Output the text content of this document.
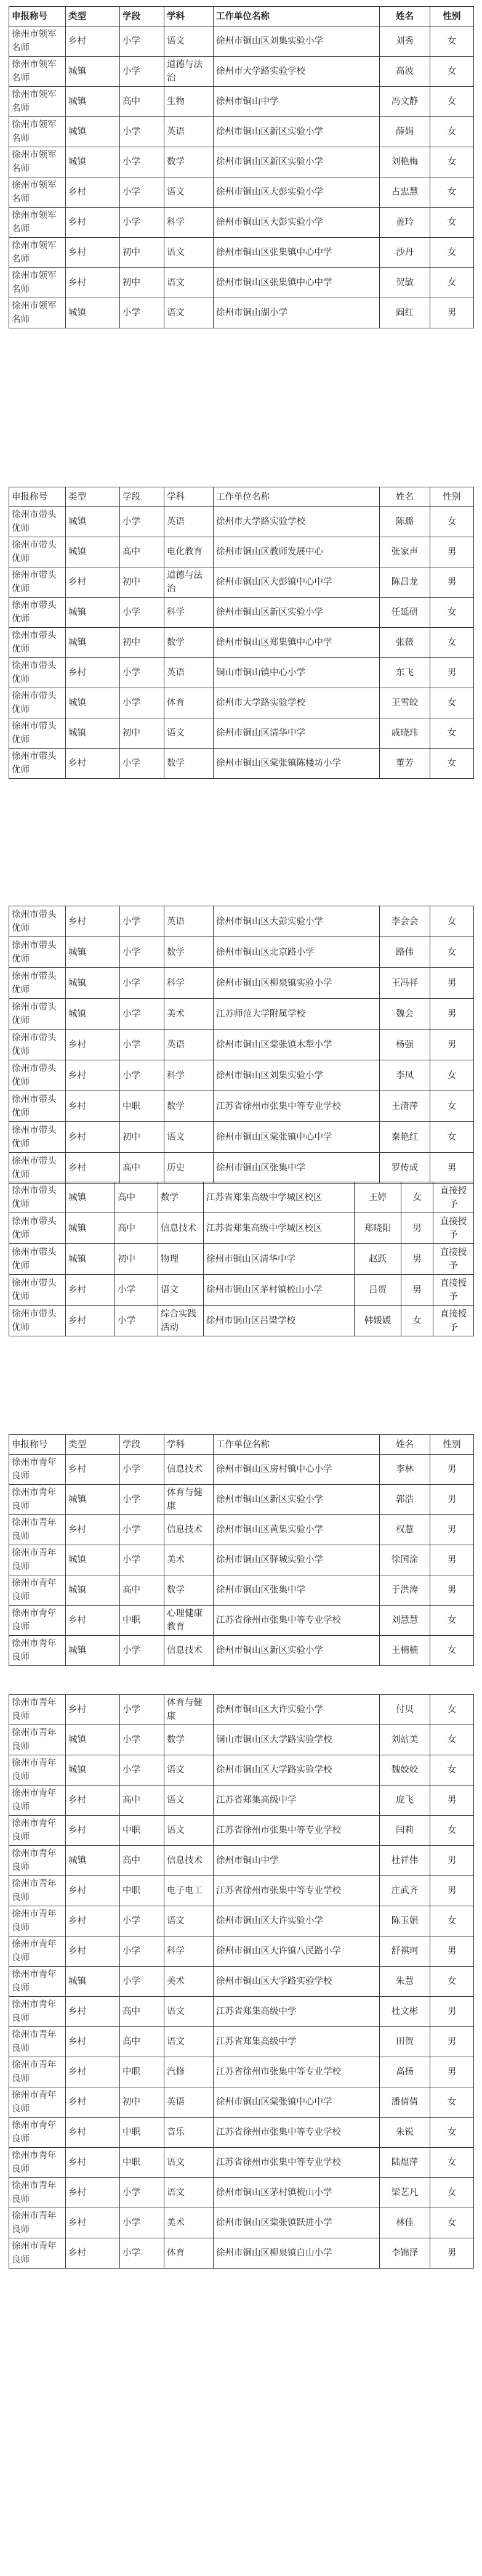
申报称号	类型	学段	学科	工作单位名称	姓名	性别
徐州市领军名师	乡村	小学	语文	徐州市铜山区刘集实验小学	刘秀	女
徐州市领军名师	城镇	小学	道德与法治	徐州市大学路实验学校	高波	女
徐州市领军名师	城镇	高中	生物	徐州市铜山中学	冯文静	女
徐州市领军名师	城镇	小学	英语	徐州市铜山区新区实验小学	薛娟	女
徐州市领军名师	城镇	小学	数学	徐州市铜山区新区实验小学	刘艳梅	女
徐州市领军名师	乡村	小学	语文	徐州市铜山区大彭实验小学	占忠慧	女
徐州市领军名师	乡村	小学	科学	徐州市铜山区大彭实验小学	盖玲	女
徐州市领军名师	乡村	初中	语文	徐州市铜山区张集镇中心中学	沙丹	女
徐州市领军名师	乡村	初中	语文	徐州市铜山区张集镇中心中学	贺敏	女
徐州市领军名师	城镇	小学	语文	徐州市铜山湖小学	阎红	男
申报称号	类型	学段	学科	工作单位名称	姓名	性别
徐州市带头优师	城镇	小学	英语	徐州市大学路实验学校	陈璐	女
徐州市带头优师	城镇	高中	电化教育	徐州市铜山区教师发展中心	张家声	男
徐州市带头优师	乡村	初中	道德与法治	徐州市铜山区大彭镇中心中学	陈昌龙	男
徐州市带头优师	城镇	小学	科学	徐州市铜山区新区实验小学	任延研	女
徐州市带头优师	城镇	初中	数学	徐州市铜山区郑集镇中心中学	张薇	女
徐州市带头优师	乡村	小学	英语	铜山市铜山镇中心小学	东飞	男
徐州市带头优师	城镇	小学	体育	徐州市大学路实验学校	王雪皎	女
徐州市带头优师	城镇	初中	语文	徐州市铜山区清华中学	戚晓玮	女
徐州市带头优师	乡村	小学	数学	徐州市铜山区棠张镇陈楼坊小学	董芳	女
徐州市带头优师	乡村	小学	英语	徐州市铜山区大彭实验小学	李会会	女
徐州市带头优师	城镇	小学	数学	徐州市铜山区北京路小学	路伟	女
徐州市带头优师	城镇	小学	科学	徐州市铜山区柳泉镇实验小学	王冯祥	男
徐州市带头优师	城镇	小学	美术	江苏师范大学附属学校	魏会	男
徐州市带头优师	乡村	小学	英语	徐州市铜山区棠张镇木犁小学	杨强	男
徐州市带头优师	乡村	小学	科学	徐州市铜山区刘集实验小学	李凤	女
徐州市带头优师	乡村	中职	数学	江苏省徐州市张集中等专业学校	王清萍	女
徐州市带头优师	乡村	初中	语文	徐州市铜山区棠张镇中心中学	秦艳红	女
徐州市带头优师	乡村	高中	历史	徐州市铜山区张集中学	罗传成	男
徐州市带头优师	城镇	高中	数学	江苏省郑集高级中学城区校区	王婷	女	直接授予
徐州市带头优师	城镇	高中	信息技术	江苏省郑集高级中学城区校区	郑晓阳	男	直接授予
徐州市带头优师	城镇	初中	物理	徐州市铜山区清华中学	赵跃	男	直接授予
徐州市带头优师	乡村	小学	语文	徐州市铜山区茅村镇梳山小学	吕贺	男	直接授予
徐州市带头优师	乡村	小学	综合实践活动	徐州市铜山区吕梁学校	韩媛媛	女	直接授予
申报称号	类型	学段	学科	工作单位名称	姓名	性别
徐州市青年良师	乡村	小学	信息技术	徐州市铜山区房村镇中心小学	李林	男
徐州市青年良师	城镇	小学	体育与健康	徐州市铜山区新区实验小学	郭浩	男
徐州市青年良师	乡村	小学	信息技术	徐州市铜山区黄集实验小学	权慧	男
徐州市青年良师	城镇	小学	美术	徐州市铜山区驿城实验小学	徐国涂	男
徐州市青年良师	城镇	高中	数学	徐州市铜山区张集中学	于洪涛	男
徐州市青年良师	乡村	中职	心理健康教育	江苏省徐州市张集中等专业学校	刘慧慧	女
徐州市青年良师	城镇	小学	信息技术	徐州市铜山区新区实验小学	王楠楠	女
徐州市青年良师	乡村	小学	体育与健康	徐州市铜山区大许实验小学	付贝	女
徐州市青年良师	城镇	小学	数学	铜山市铜山区大学路实验学校	刘站美	女
徐州市青年良师	城镇	小学	语文	徐州市铜山区大学路实验学校	魏姣姣	女
徐州市青年良师	乡村	高中	语文	江苏省郑集高级中学	庞飞	男
徐州市青年良师	乡村	中职	语文	江苏省徐州市张集中等专业学校	闫莉	女
徐州市青年良师	城镇	高中	信息技术	徐州市铜山中学	杜祥伟	男
徐州市青年良师	乡村	中职	电子电工	江苏省徐州市张集中等专业学校	庄武齐	男
徐州市青年良师	乡村	小学	语文	徐州市铜山区大许实验小学	陈玉娟	女
徐州市青年良师	乡村	小学	科学	徐州市铜山区大许镇八民路小学	舒祺珂	男
徐州市青年良师	城镇	小学	美术	徐州市铜山区大学路实验学校	朱慧	女
徐州市青年良师	乡村	高中	语文	江苏省郑集高级中学	杜文彬	男
徐州市青年良师	乡村	高中	语文	江苏省郑集高级中学	田贺	男
徐州市青年良师	乡村	中职	汽修	江苏省徐州市张集中等专业学校	高扬	男
徐州市青年良师	乡村	初中	英语	徐州市铜山区棠张镇中心中学	潘倩倩	女
徐州市青年良师	乡村	中职	音乐	江苏省徐州市张集中等专业学校	朱锐	女
徐州市青年良师	乡村	中职	语文	江苏省徐州市张集中等专业学校	陆煜萍	女
徐州市青年良师	乡村	小学	语文	徐州市铜山区茅村镇梳山小学	梁艺凡	女
徐州市青年良师	乡村	小学	美术	徐州市铜山区棠张镇跃进小学	林佳	女
徐州市青年良师	乡村	小学	体育	徐州市铜山区柳泉镇白山小学	李锦泽	男
